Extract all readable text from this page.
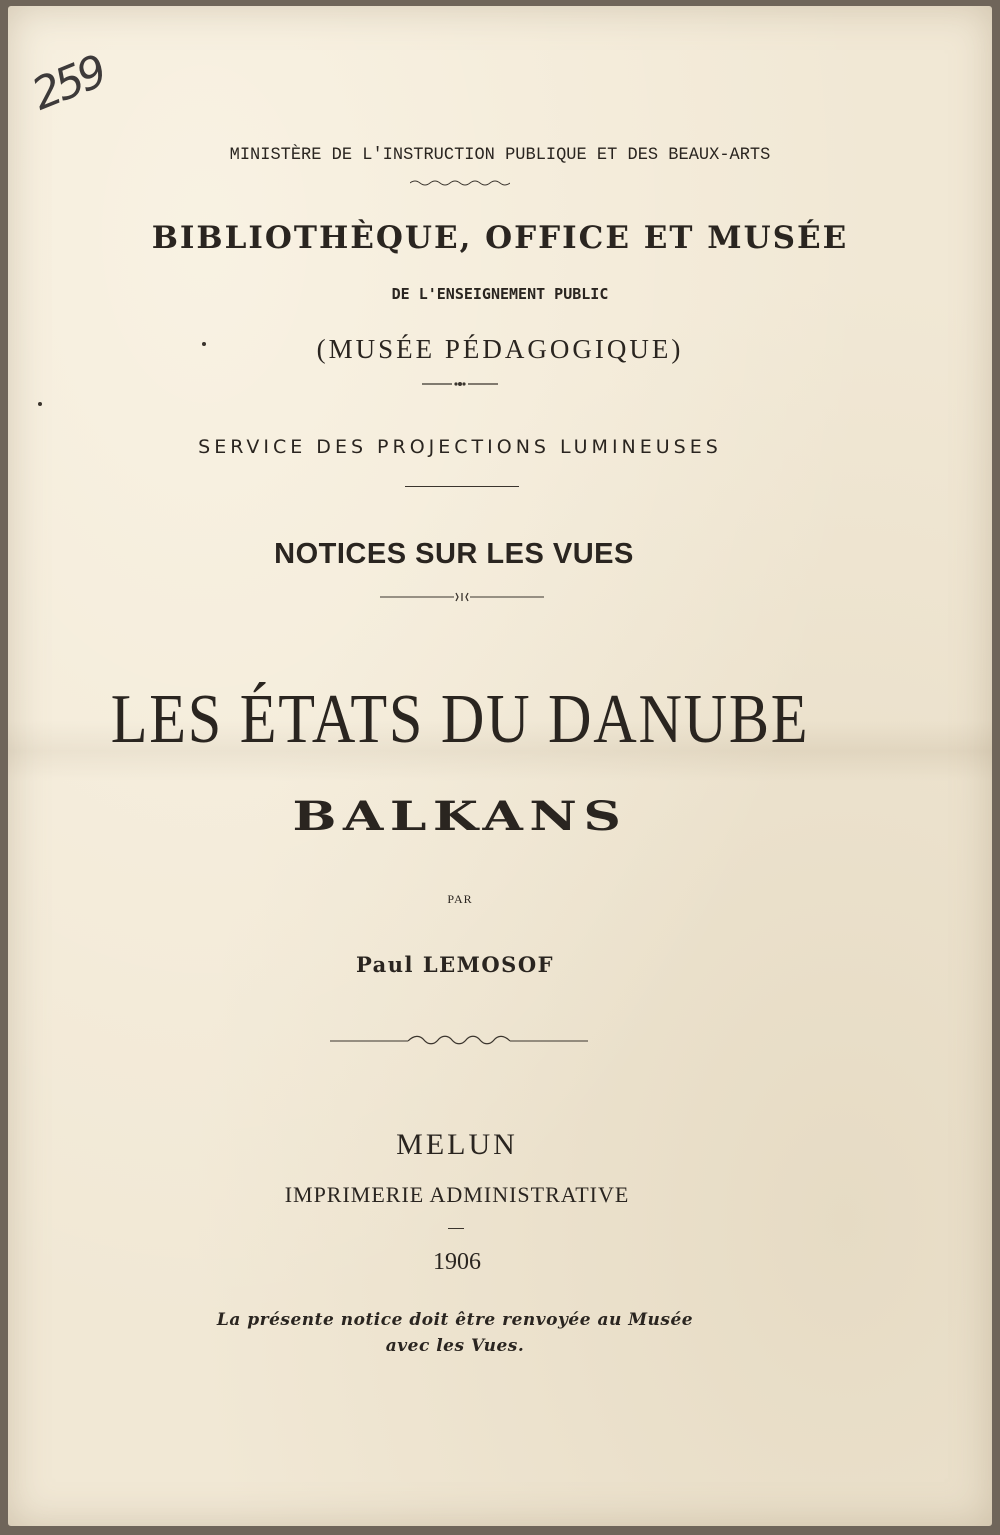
259
MINISTÈRE DE L'INSTRUCTION PUBLIQUE ET DES BEAUX-ARTS
BIBLIOTHÈQUE, OFFICE ET MUSÉE
DE L'ENSEIGNEMENT PUBLIC
(MUSÉE PÉDAGOGIQUE)
SERVICE DES PROJECTIONS LUMINEUSES
NOTICES SUR LES VUES
LES ÉTATS DU DANUBE
BALKANS
PAR
Paul LEMOSOF
MELUN
IMPRIMERIE ADMINISTRATIVE
1906
La présente notice doit être renvoyée au Musée
avec les Vues.
